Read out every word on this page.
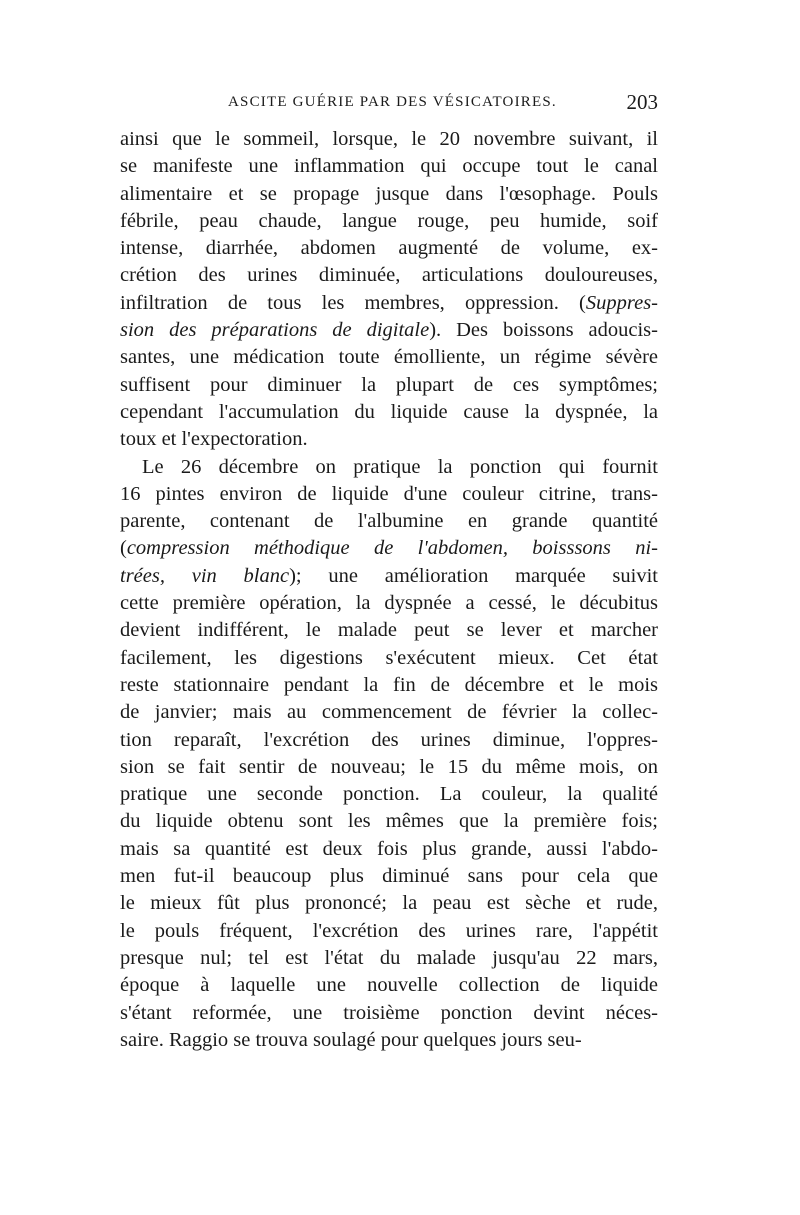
ASCITE GUÉRIE PAR DES VÉSICATOIRES.	203
ainsi que le sommeil, lorsque, le 20 novembre suivant, il
se manifeste une inflammation qui occupe tout le canal
alimentaire et se propage jusque dans l'œsophage. Pouls
fébrile, peau chaude, langue rouge, peu humide, soif
intense, diarrhée, abdomen augmenté de volume, ex-
crétion des urines diminuée, articulations douloureuses,
infiltration de tous les membres, oppression. (Suppres-
sion des préparations de digitale). Des boissons adoucis-
santes, une médication toute émolliente, un régime sévère
suffisent pour diminuer la plupart de ces symptômes;
cependant l'accumulation du liquide cause la dyspnée, la
toux et l'expectoration.
Le 26 décembre on pratique la ponction qui fournit
16 pintes environ de liquide d'une couleur citrine, trans-
parente, contenant de l'albumine en grande quantité
(compression méthodique de l'abdomen, boisssons ni-
trées, vin blanc); une amélioration marquée suivit
cette première opération, la dyspnée a cessé, le décubitus
devient indifférent, le malade peut se lever et marcher
facilement, les digestions s'exécutent mieux. Cet état
reste stationnaire pendant la fin de décembre et le mois
de janvier; mais au commencement de février la collec-
tion reparaît, l'excrétion des urines diminue, l'oppres-
sion se fait sentir de nouveau; le 15 du même mois, on
pratique une seconde ponction. La couleur, la qualité
du liquide obtenu sont les mêmes que la première fois;
mais sa quantité est deux fois plus grande, aussi l'abdo-
men fut-il beaucoup plus diminué sans pour cela que
le mieux fût plus prononcé; la peau est sèche et rude,
le pouls fréquent, l'excrétion des urines rare, l'appétit
presque nul; tel est l'état du malade jusqu'au 22 mars,
époque à laquelle une nouvelle collection de liquide
s'étant reformée, une troisième ponction devint néces-
saire. Raggio se trouva soulagé pour quelques jours seu-
